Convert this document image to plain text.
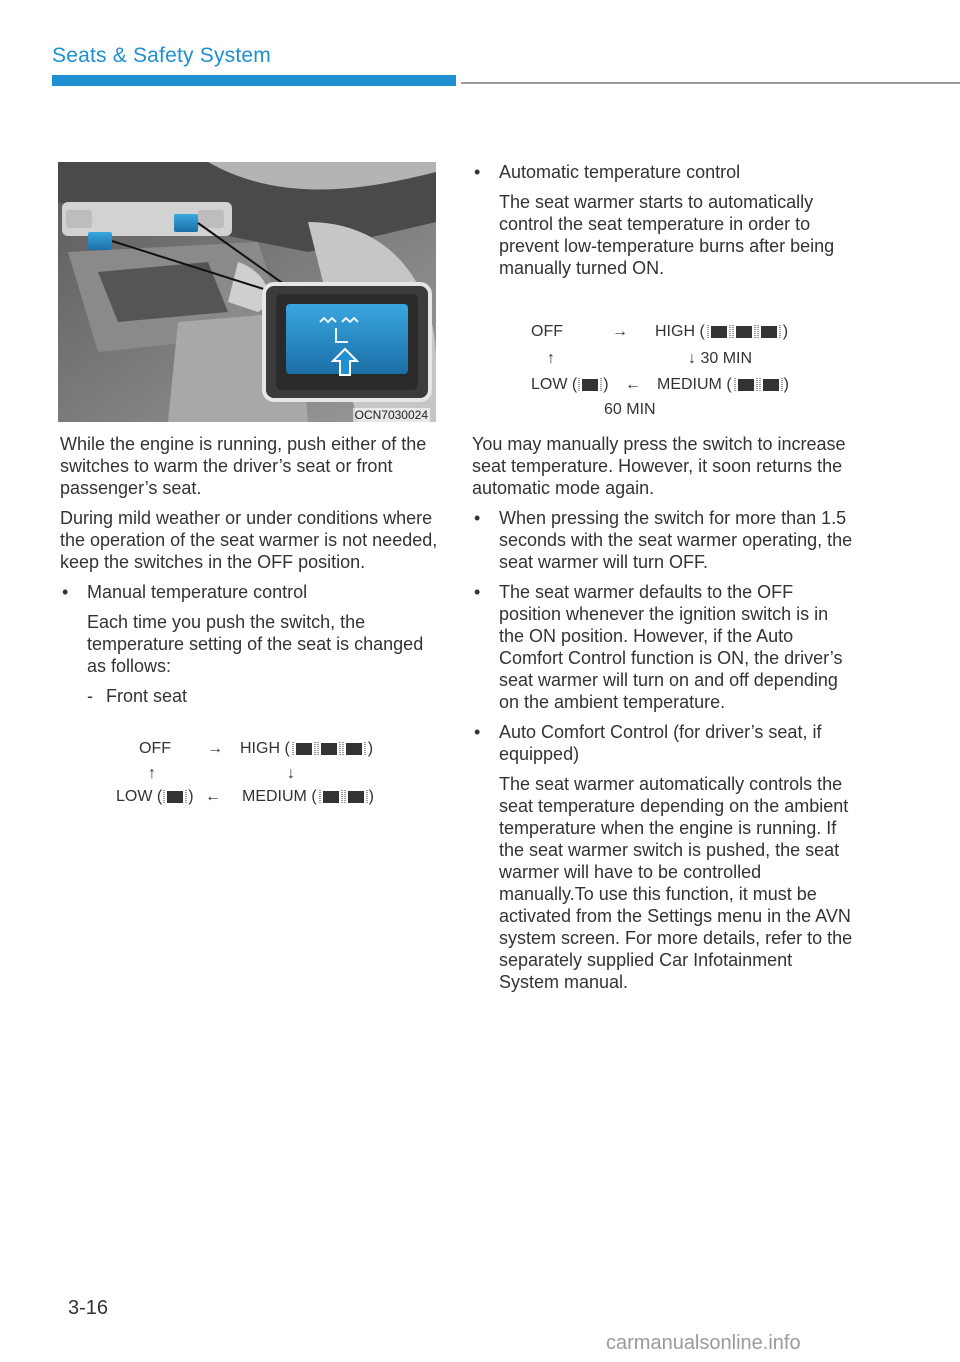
Seats & Safety System
OCN7030024

While the engine is running, push either of the switches to warm the driver’s seat or front passenger’s seat.

During mild weather or under conditions where the operation of the seat warmer is not needed, keep the switches in the OFF position.

• Manual temperature control

Each time you push the switch, the temperature setting of the seat is changed as follows:

- Front seat
OFF → HIGH (	)
↑	↓
LOW ( ) ← MEDIUM (	)
• Automatic temperature control

The seat warmer starts to automatically control the seat temperature in order to prevent low-temperature burns after being manually turned ON.

OFF	→ HIGH (	)
↑	↓ 30 MIN
LOW ( ) ← MEDIUM (	)
60 MIN

You may manually press the switch to increase seat temperature. However, it soon returns the automatic mode again.

• When pressing the switch for more than 1.5 seconds with the seat warmer operating, the seat warmer will turn OFF.
• The seat warmer defaults to the OFF position whenever the ignition switch is in the ON position. However, if the Auto Comfort Control function is ON, the driver’s seat warmer will turn on and off depending on the ambient temperature.
• Auto Comfort Control (for driver’s seat, if equipped)

The seat warmer automatically controls the seat temperature depending on the ambient temperature when the engine is running. If the seat warmer switch is pushed, the seat warmer will have to be controlled manually.To use this function, it must be activated from the Settings menu in the AVN system screen. For more details, refer to the separately supplied Car Infotainment System manual.

3-16
carmanualsonline.info
